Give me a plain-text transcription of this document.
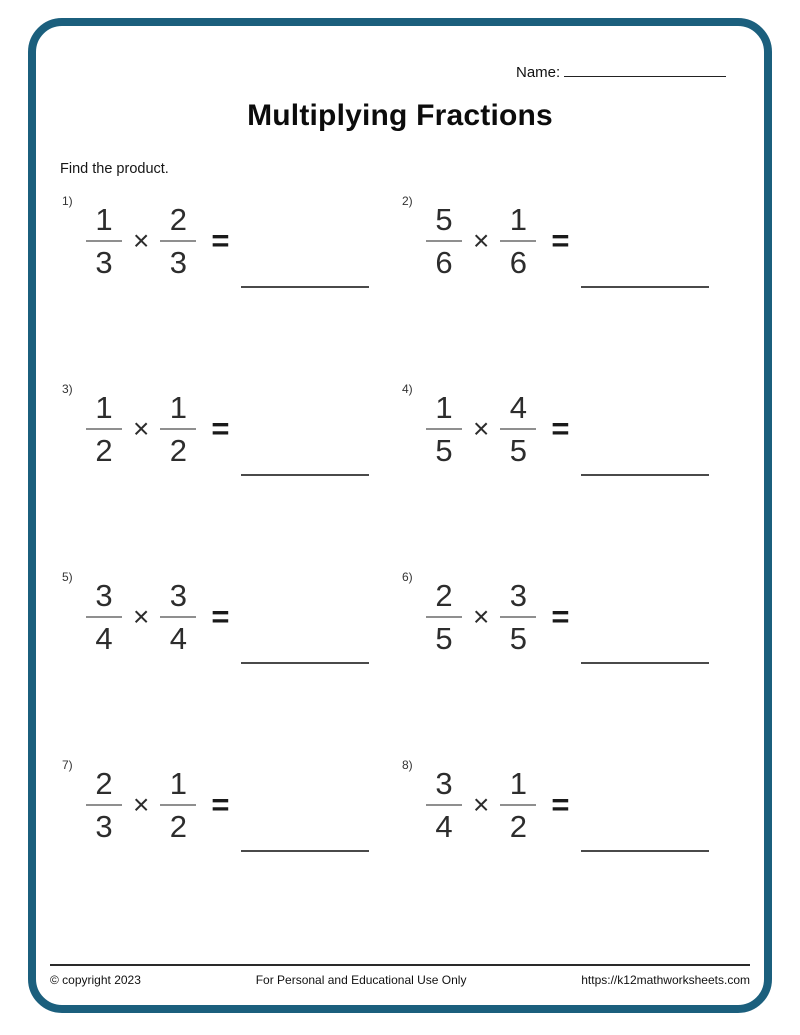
Name:
Multiplying Fractions
Find the product.
1)
$\frac{1}{3} \times \frac{2}{3}$ =
2)
$\frac{5}{6} \times \frac{1}{6}$ =
3)
$\frac{1}{2} \times \frac{1}{2}$ =
4)
$\frac{1}{5} \times \frac{4}{5}$ =
5)
$\frac{3}{4} \times \frac{3}{4}$ =
6)
$\frac{2}{5} \times \frac{3}{5}$ =
7)
$\frac{2}{3} \times \frac{1}{2}$ =
8)
$\frac{3}{4} \times \frac{1}{2}$ =
© copyright 2023	For Personal and Educational Use Only	https://k12mathworksheets.com
